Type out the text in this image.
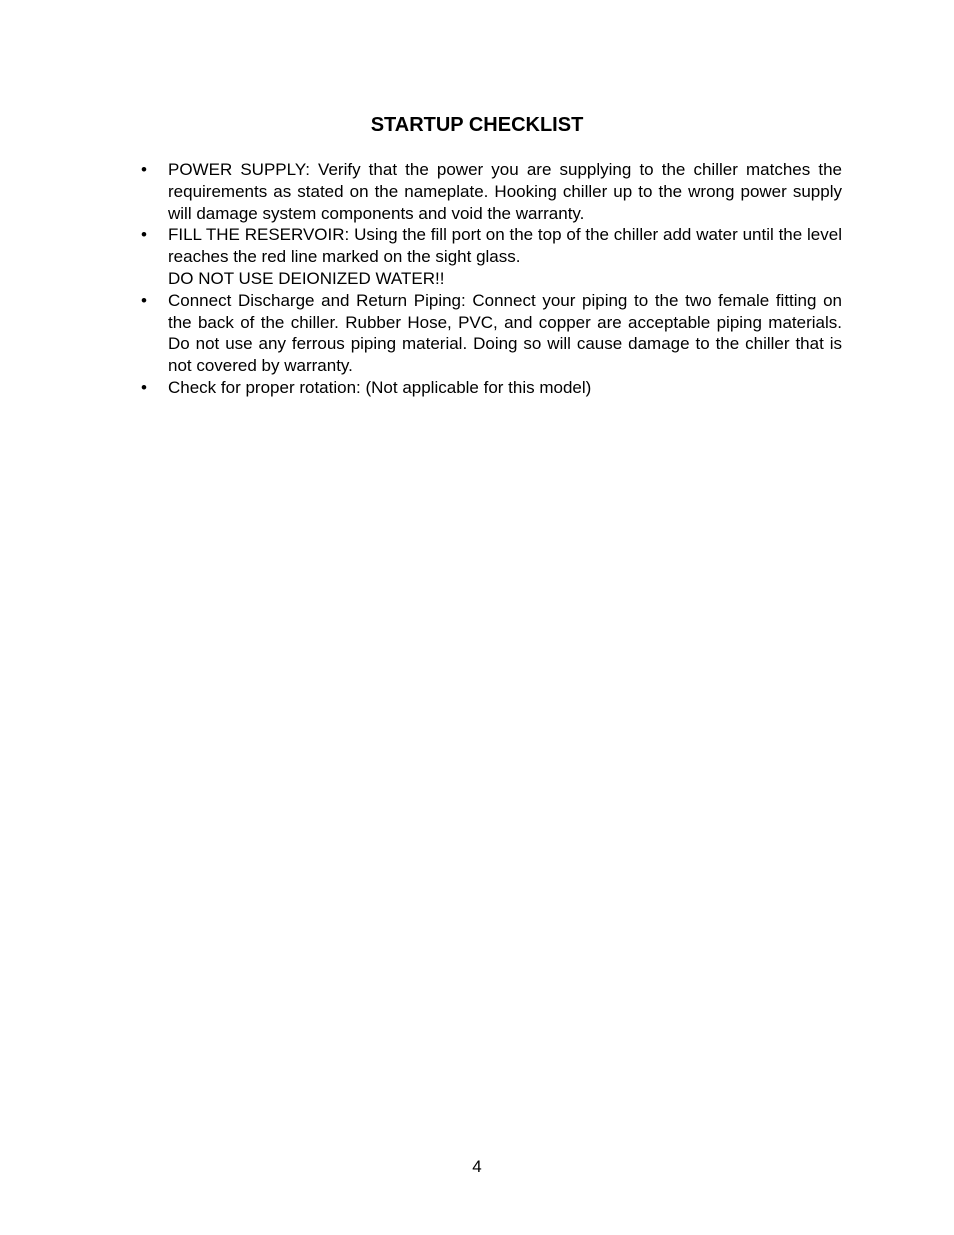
STARTUP CHECKLIST
• POWER SUPPLY: Verify that the power you are supplying to the chiller matches the requirements as stated on the nameplate. Hooking chiller up to the wrong power supply will damage system components and void the warranty.
• FILL THE RESERVOIR: Using the fill port on the top of the chiller add water until the level reaches the red line marked on the sight glass.
DO NOT USE DEIONIZED WATER!!
• Connect Discharge and Return Piping: Connect your piping to the two female fitting on the back of the chiller. Rubber Hose, PVC, and copper are acceptable piping materials. Do not use any ferrous piping material. Doing so will cause damage to the chiller that is not covered by warranty.
• Check for proper rotation: (Not applicable for this model)
4
